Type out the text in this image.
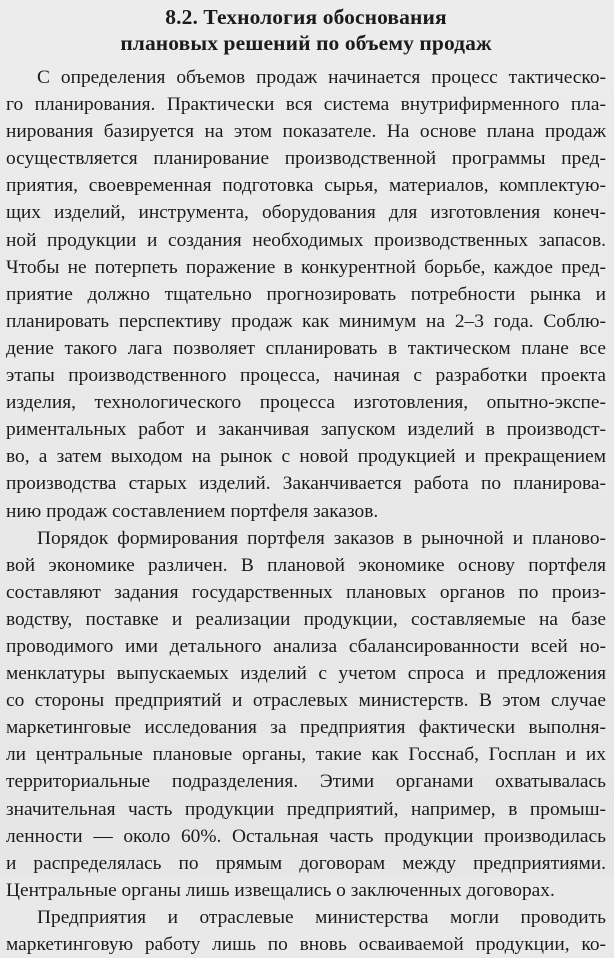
8.2. Технология обоснования
плановых решений по объему продаж

С определения объемов продаж начинается процесс тактическо-
го планирования. Практически вся система внутрифирменного пла-
нирования базируется на этом показателе. На основе плана продаж
осуществляется планирование производственной программы пред-
приятия, своевременная подготовка сырья, материалов, комплектую-
щих изделий, инструмента, оборудования для изготовления конеч-
ной продукции и создания необходимых производственных запасов.
Чтобы не потерпеть поражение в конкурентной борьбе, каждое пред-
приятие должно тщательно прогнозировать потребности рынка и
планировать перспективу продаж как минимум на 2–3 года. Соблю-
дение такого лага позволяет спланировать в тактическом плане все
этапы производственного процесса, начиная с разработки проекта
изделия, технологического процесса изготовления, опытно-экспе-
риментальных работ и заканчивая запуском изделий в производст-
во, а затем выходом на рынок с новой продукцией и прекращением
производства старых изделий. Заканчивается работа по планирова-
нию продаж составлением портфеля заказов.

Порядок формирования портфеля заказов в рыночной и планово-
вой экономике различен. В плановой экономике основу портфеля
составляют задания государственных плановых органов по произ-
водству, поставке и реализации продукции, составляемые на базе
проводимого ими детального анализа сбалансированности всей но-
менклатуры выпускаемых изделий с учетом спроса и предложения
со стороны предприятий и отраслевых министерств. В этом случае
маркетинговые исследования за предприятия фактически выполня-
ли центральные плановые органы, такие как Госснаб, Госплан и их
территориальные подразделения. Этими органами охватывалась
значительная часть продукции предприятий, например, в промыш-
ленности — около 60%. Остальная часть продукции производилась
и распределялась по прямым договорам между предприятиями.
Центральные органы лишь извещались о заключенных договорах.

Предприятия и отраслевые министерства могли проводить
маркетинговую работу лишь по вновь осваиваемой продукции, ко-
